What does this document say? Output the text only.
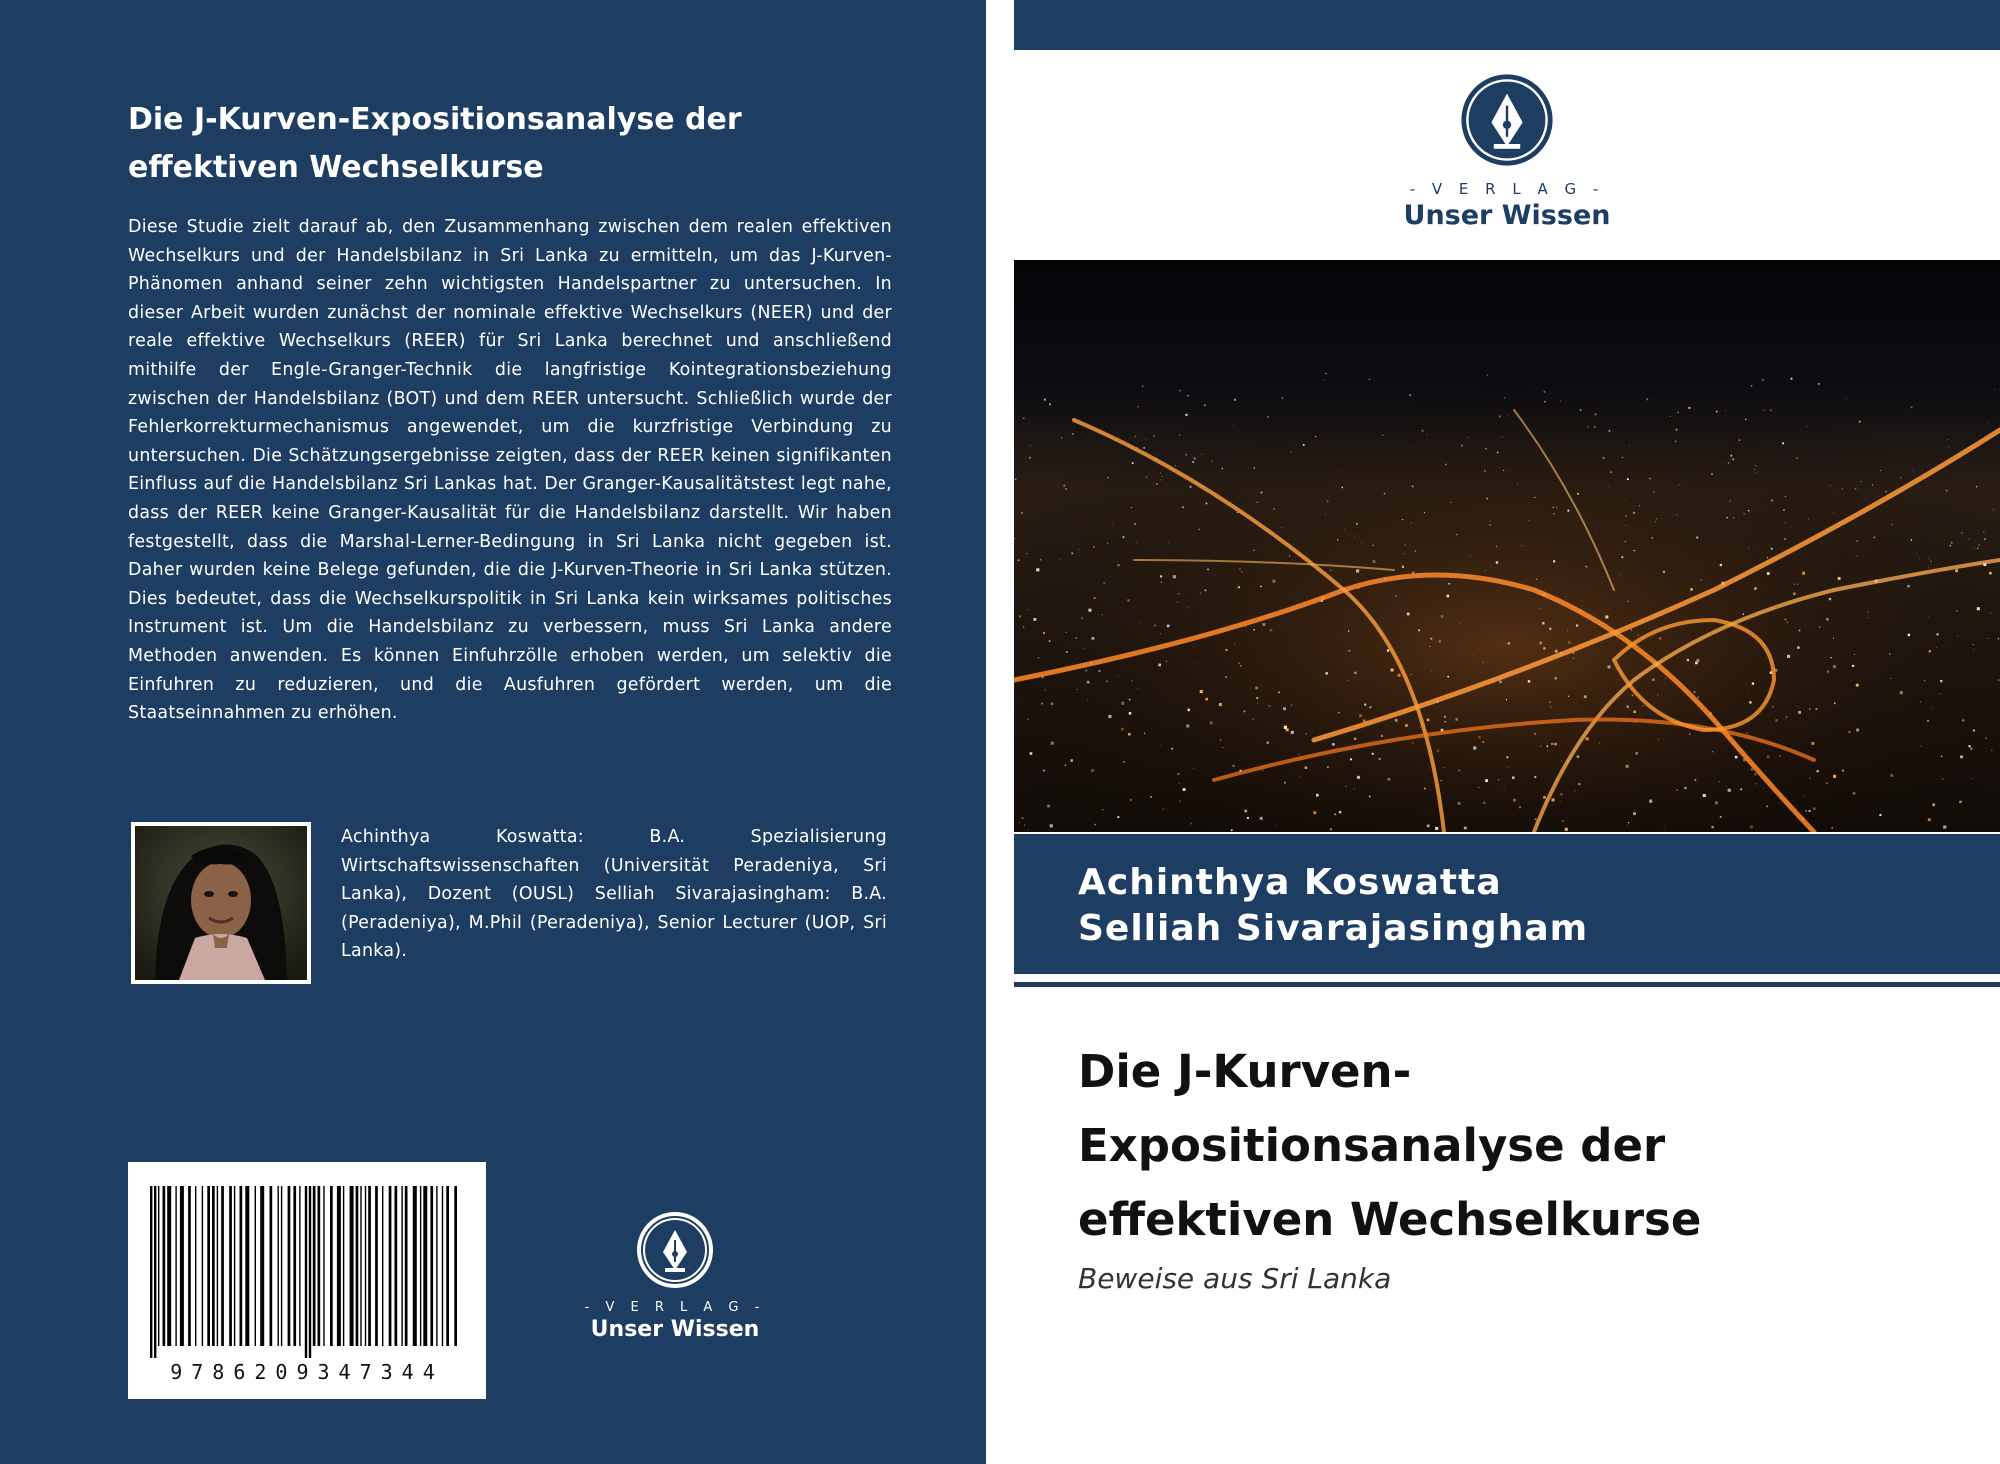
Die J-Kurven-Expositionsanalyse der
effektiven Wechselkurse

Diese Studie zielt darauf ab, den Zusammenhang zwischen dem realen effektiven Wechselkurs und der Handelsbilanz in Sri Lanka zu ermitteln, um das J-Kurven-Phänomen anhand seiner zehn wichtigsten Handelspartner zu untersuchen. In dieser Arbeit wurden zunächst der nominale effektive Wechselkurs (NEER) und der reale effektive Wechselkurs (REER) für Sri Lanka berechnet und anschließend mithilfe der Engle-Granger-Technik die langfristige Kointegrationsbeziehung zwischen der Handelsbilanz (BOT) und dem REER untersucht. Schließlich wurde der Fehlerkorrekturmechanismus angewendet, um die kurzfristige Verbindung zu untersuchen. Die Schätzungsergebnisse zeigten, dass der REER keinen signifikanten Einfluss auf die Handelsbilanz Sri Lankas hat. Der Granger-Kausalitätstest legt nahe, dass der REER keine Granger-Kausalität für die Handelsbilanz darstellt. Wir haben festgestellt, dass die Marshal-Lerner-Bedingung in Sri Lanka nicht gegeben ist. Daher wurden keine Belege gefunden, die die J-Kurven-Theorie in Sri Lanka stützen. Dies bedeutet, dass die Wechselkurspolitik in Sri Lanka kein wirksames politisches Instrument ist. Um die Handelsbilanz zu verbessern, muss Sri Lanka andere Methoden anwenden. Es können Einfuhrzölle erhoben werden, um selektiv die Einfuhren zu reduzieren, und die Ausfuhren gefördert werden, um die Staatseinnahmen zu erhöhen.

Achinthya Koswatta: B.A. Spezialisierung Wirtschaftswissenschaften (Universität Peradeniya, Sri Lanka), Dozent (OUSL) Selliah Sivarajasingham: B.A. (Peradeniya), M.Phil (Peradeniya), Senior Lecturer (UOP, Sri Lanka).

9786209347344
- V E R L A G -
Unser Wissen
- V E R L A G -
Unser Wissen

Achinthya Koswatta

Selliah Sivarajasingham

Die J-Kurven-
Expositionsanalyse der
effektiven Wechselkurse

Beweise aus Sri Lanka
